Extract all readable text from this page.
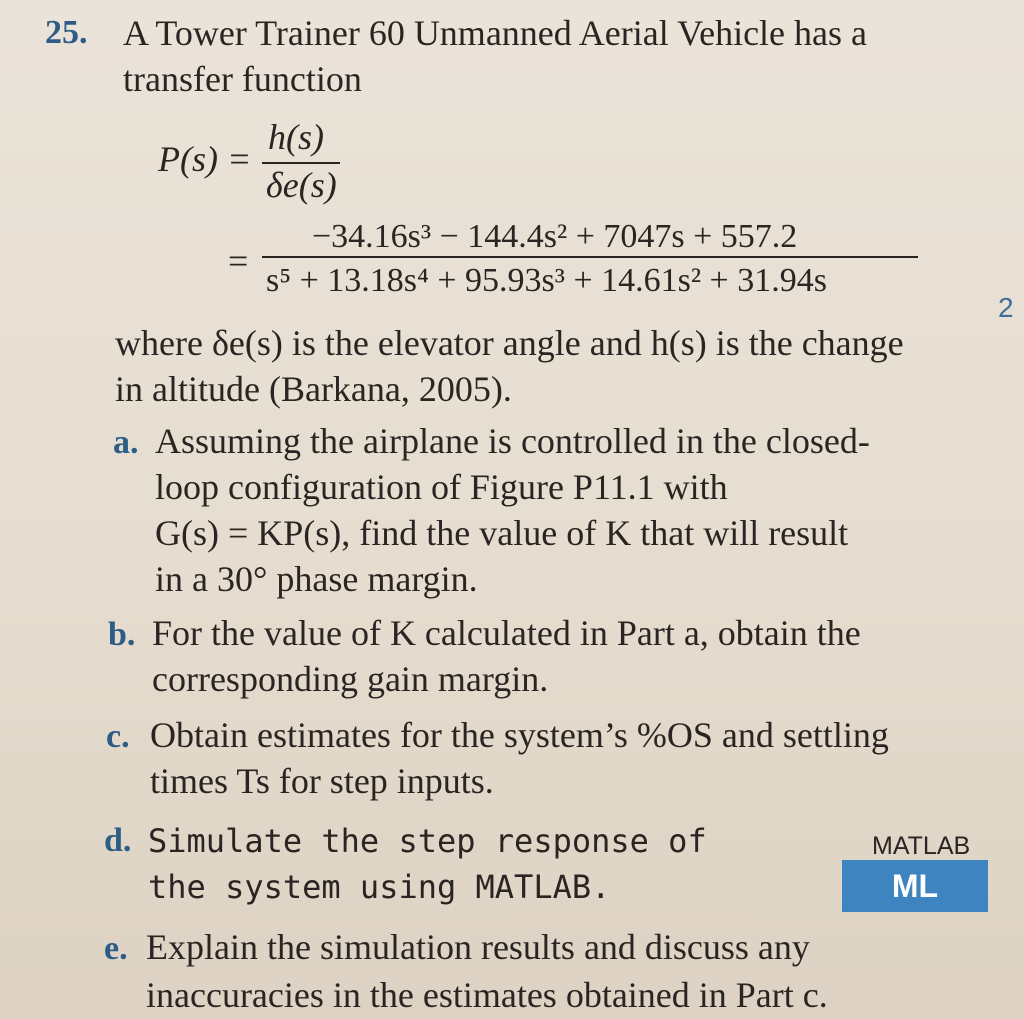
25. A Tower Trainer 60 Unmanned Aerial Vehicle has a
transfer function
P(s) =
h(s)
δe(s)
=
−34.16s³ − 144.4s² + 7047s + 557.2
s⁵ + 13.18s⁴ + 95.93s³ + 14.61s² + 31.94s
2
where δe(s) is the elevator angle and h(s) is the change
in altitude (Barkana, 2005).
a. Assuming the airplane is controlled in the closed-
loop configuration of Figure P11.1 with
G(s) = KP(s), find the value of K that will result
in a 30° phase margin.
b. For the value of K calculated in Part a, obtain the
corresponding gain margin.
c. Obtain estimates for the system’s %OS and settling
times Ts for step inputs.
d. Simulate the step response of
the system using MATLAB.
MATLAB
ML
e. Explain the simulation results and discuss any
inaccuracies in the estimates obtained in Part c.
